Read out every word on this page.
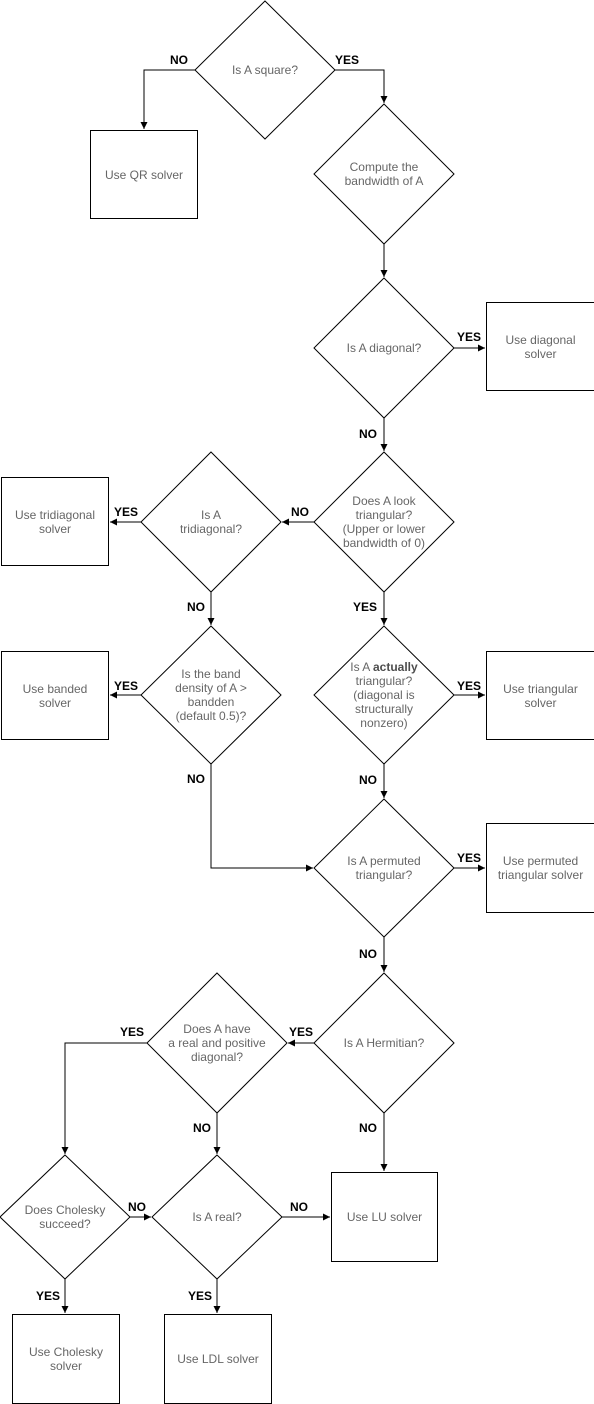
Is A square?
Compute the
bandwidth of A
Is A diagonal?
Does A look
triangular?
(Upper or lower
bandwidth of 0)
Is A
tridiagonal?
Is the band
density of A >
bandden
(default 0.5)?
Is A actually
triangular?
(diagonal is
structurally
nonzero)
Is A permuted
triangular?
Is A Hermitian?
Does A have
a real and positive
diagonal?
Does Cholesky
succeed?	Is A real?
Use QR solver
Use diagonal
solver
Use tridiagonal
solver
Use banded
solver
Use triangular
solver
Use permuted
triangular solver
Use LU solver
Use Cholesky
solver	Use LDL solver
NO	YES
YES
NO
NO
YES
YES
NO
YES
NO
YES
NO
YES
NO
YES
NO
YES
NO
NO	NO
YES	YES
